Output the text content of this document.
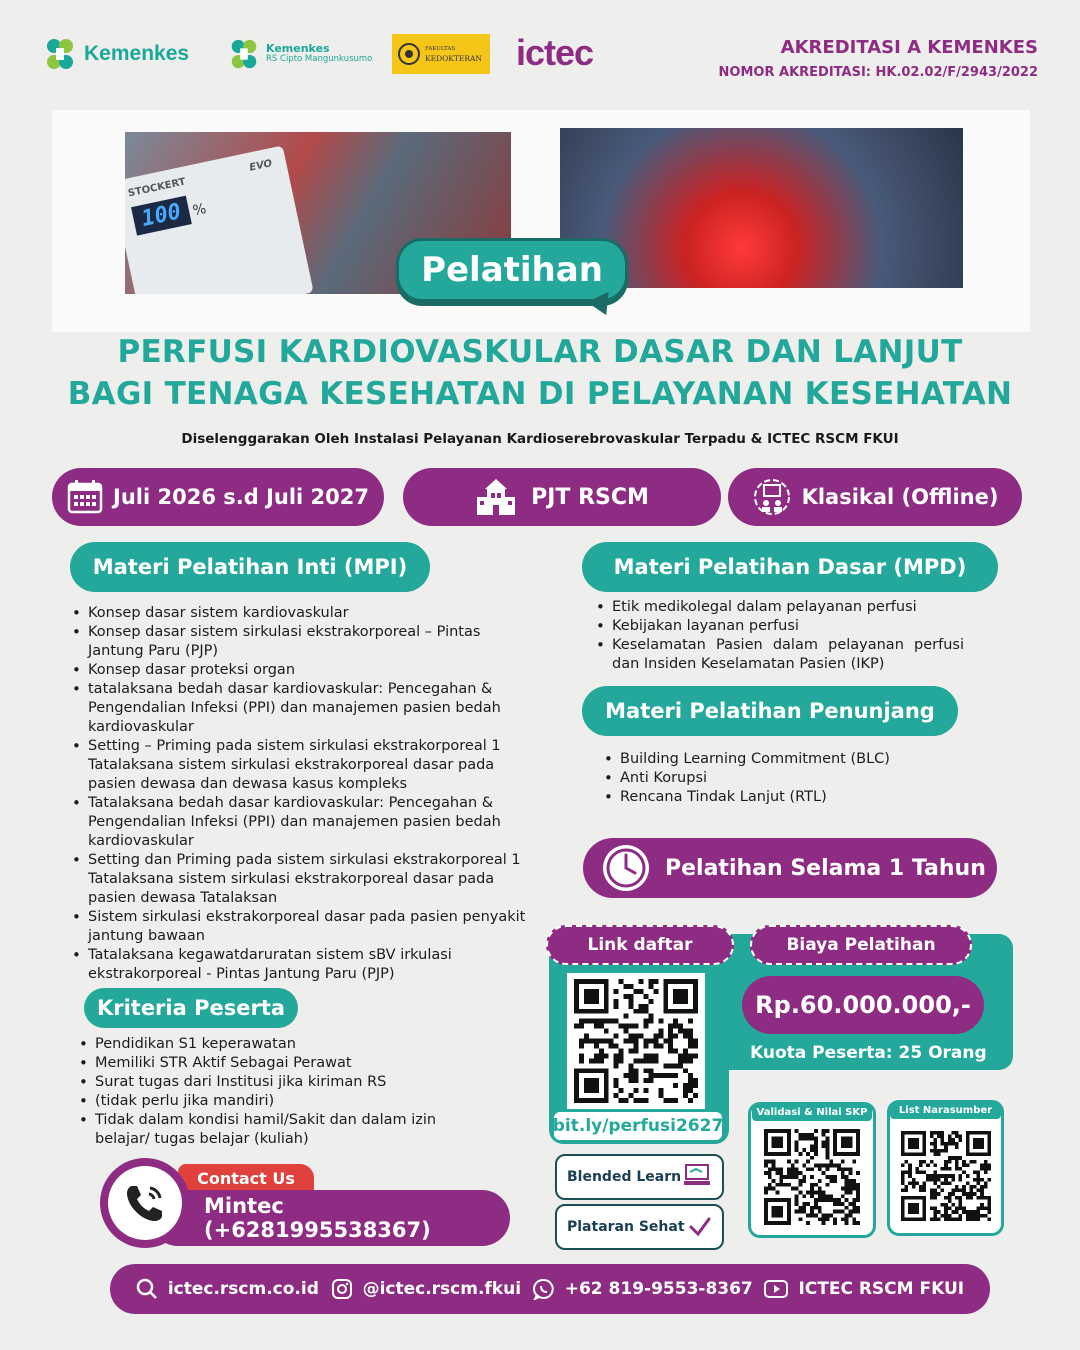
Kemenkes	Kemenkes
RS Cipto Mangunkusumo
FAKULTAS
KEDOKTERAN ictec	AKREDITASI A KEMENKES
NOMOR AKREDITASI: HK.02.02/F/2943/2022
STOCKERT
EVO
100 %
Pelatihan
PERFUSI KARDIOVASKULAR DASAR DAN LANJUT
BAGI TENAGA KESEHATAN DI PELAYANAN KESEHATAN
Diselenggarakan Oleh Instalasi Pelayanan Kardioserebrovaskular Terpadu & ICTEC RSCM FKUI
Juli 2026 s.d Juli 2027	PJT RSCM	Klasikal (Offline)
Materi Pelatihan Inti (MPI)
• Konsep dasar sistem kardiovaskular
• Konsep dasar sistem sirkulasi ekstrakorporeal – Pintas Jantung Paru (PJP)
• Konsep dasar proteksi organ
• tatalaksana bedah dasar kardiovaskular: Pencegahan & Pengendalian Infeksi (PPI) dan manajemen pasien bedah kardiovaskular
• Setting – Priming pada sistem sirkulasi ekstrakorporeal 1 Tatalaksana sistem sirkulasi ekstrakorporeal dasar pada pasien dewasa dan dewasa kasus kompleks
• Tatalaksana bedah dasar kardiovaskular: Pencegahan & Pengendalian Infeksi (PPI) dan manajemen pasien bedah kardiovaskular
• Setting dan Priming pada sistem sirkulasi ekstrakorporeal 1 Tatalaksana sistem sirkulasi ekstrakorporeal dasar pada pasien dewasa Tatalaksan
• Sistem sirkulasi ekstrakorporeal dasar pada pasien penyakit jantung bawaan
• Tatalaksana kegawatdaruratan sistem sBV irkulasi ekstrakorporeal - Pintas Jantung Paru (PJP)
Materi Pelatihan Dasar (MPD)
• Etik medikolegal dalam pelayanan perfusi
• Kebijakan layanan perfusi
• Keselamatan Pasien dalam pelayanan perfusi dan Insiden Keselamatan Pasien (IKP)
Materi Pelatihan Penunjang
• Building Learning Commitment (BLC)
• Anti Korupsi
• Rencana Tindak Lanjut (RTL)
Pelatihan Selama 1 Tahun
Kriteria Peserta
• Pendidikan S1 keperawatan
• Memiliki STR Aktif Sebagai Perawat
• Surat tugas dari Institusi jika kiriman RS
• (tidak perlu jika mandiri)
• Tidak dalam kondisi hamil/Sakit dan dalam izin belajar/ tugas belajar (kuliah)
Link daftar	Biaya Pelatihan
Rp.60.000.000,-
Kuota Peserta: 25 Orang
bit.ly/perfusi2627
Blended Learn
Plataran Sehat
Validasi & Nilai SKP	List Narasumber
Contact Us
Mintec (+6281995538367)
ictec.rscm.co.id	@ictec.rscm.fkui	+62 819-9553-8367	ICTEC RSCM FKUI
